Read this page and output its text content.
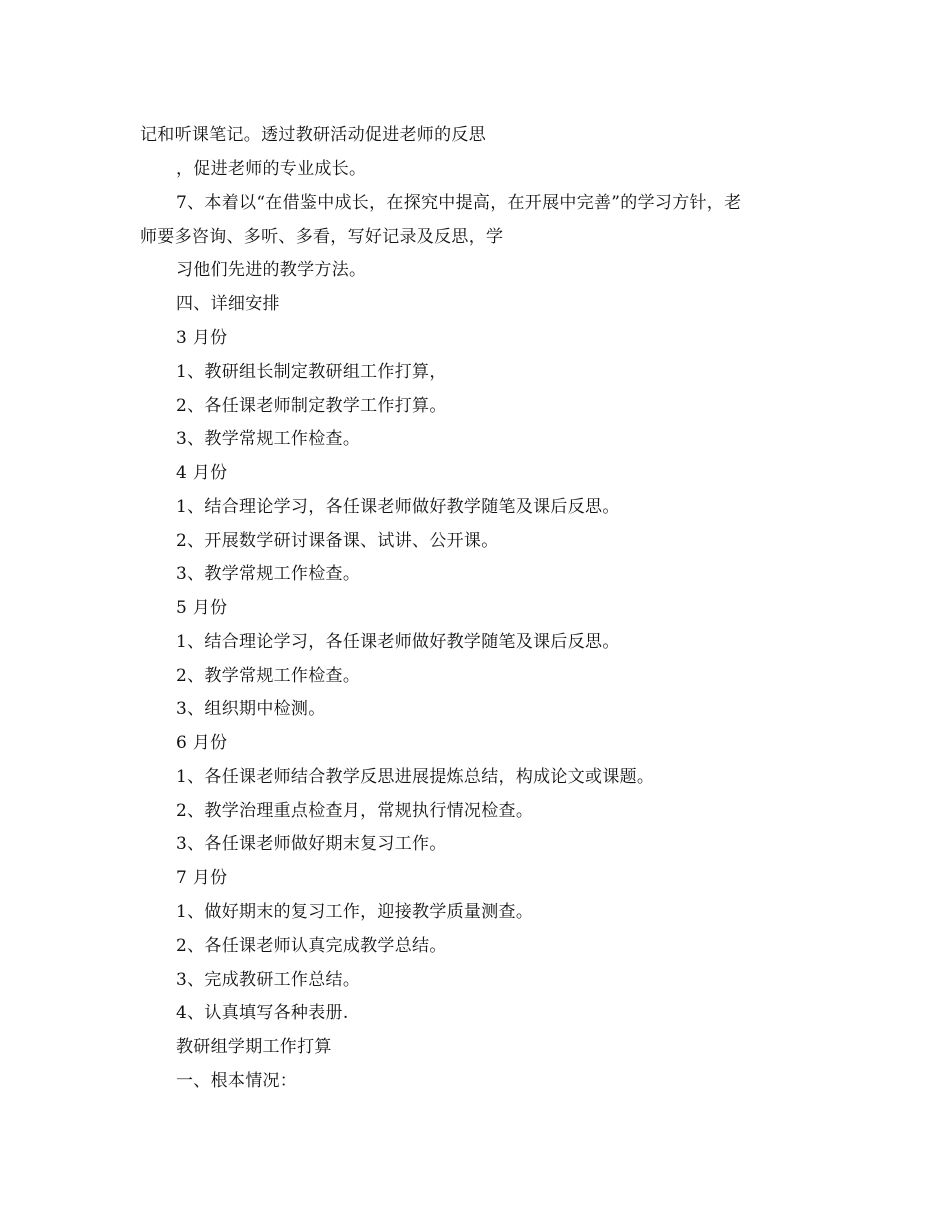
记和听课笔记。透过教研活动促进老师的反思
，促进老师的专业成长。
7、本着以“在借鉴中成长，在探究中提高，在开展中完善”的学习方针，老
师要多咨询、多听、多看，写好记录及反思，学
习他们先进的教学方法。
四、详细安排
3 月份
1、教研组长制定教研组工作打算，
2、各任课老师制定教学工作打算。
3、教学常规工作检查。
4 月份
1、结合理论学习，各任课老师做好教学随笔及课后反思。
2、开展数学研讨课备课、试讲、公开课。
3、教学常规工作检查。
5 月份
1、结合理论学习，各任课老师做好教学随笔及课后反思。
2、教学常规工作检查。
3、组织期中检测。
6 月份
1、各任课老师结合教学反思进展提炼总结，构成论文或课题。
2、教学治理重点检查月，常规执行情况检查。
3、各任课老师做好期末复习工作。
7 月份
1、做好期末的复习工作，迎接教学质量测查。
2、各任课老师认真完成教学总结。
3、完成教研工作总结。
4、认真填写各种表册.
教研组学期工作打算
一、根本情况：
